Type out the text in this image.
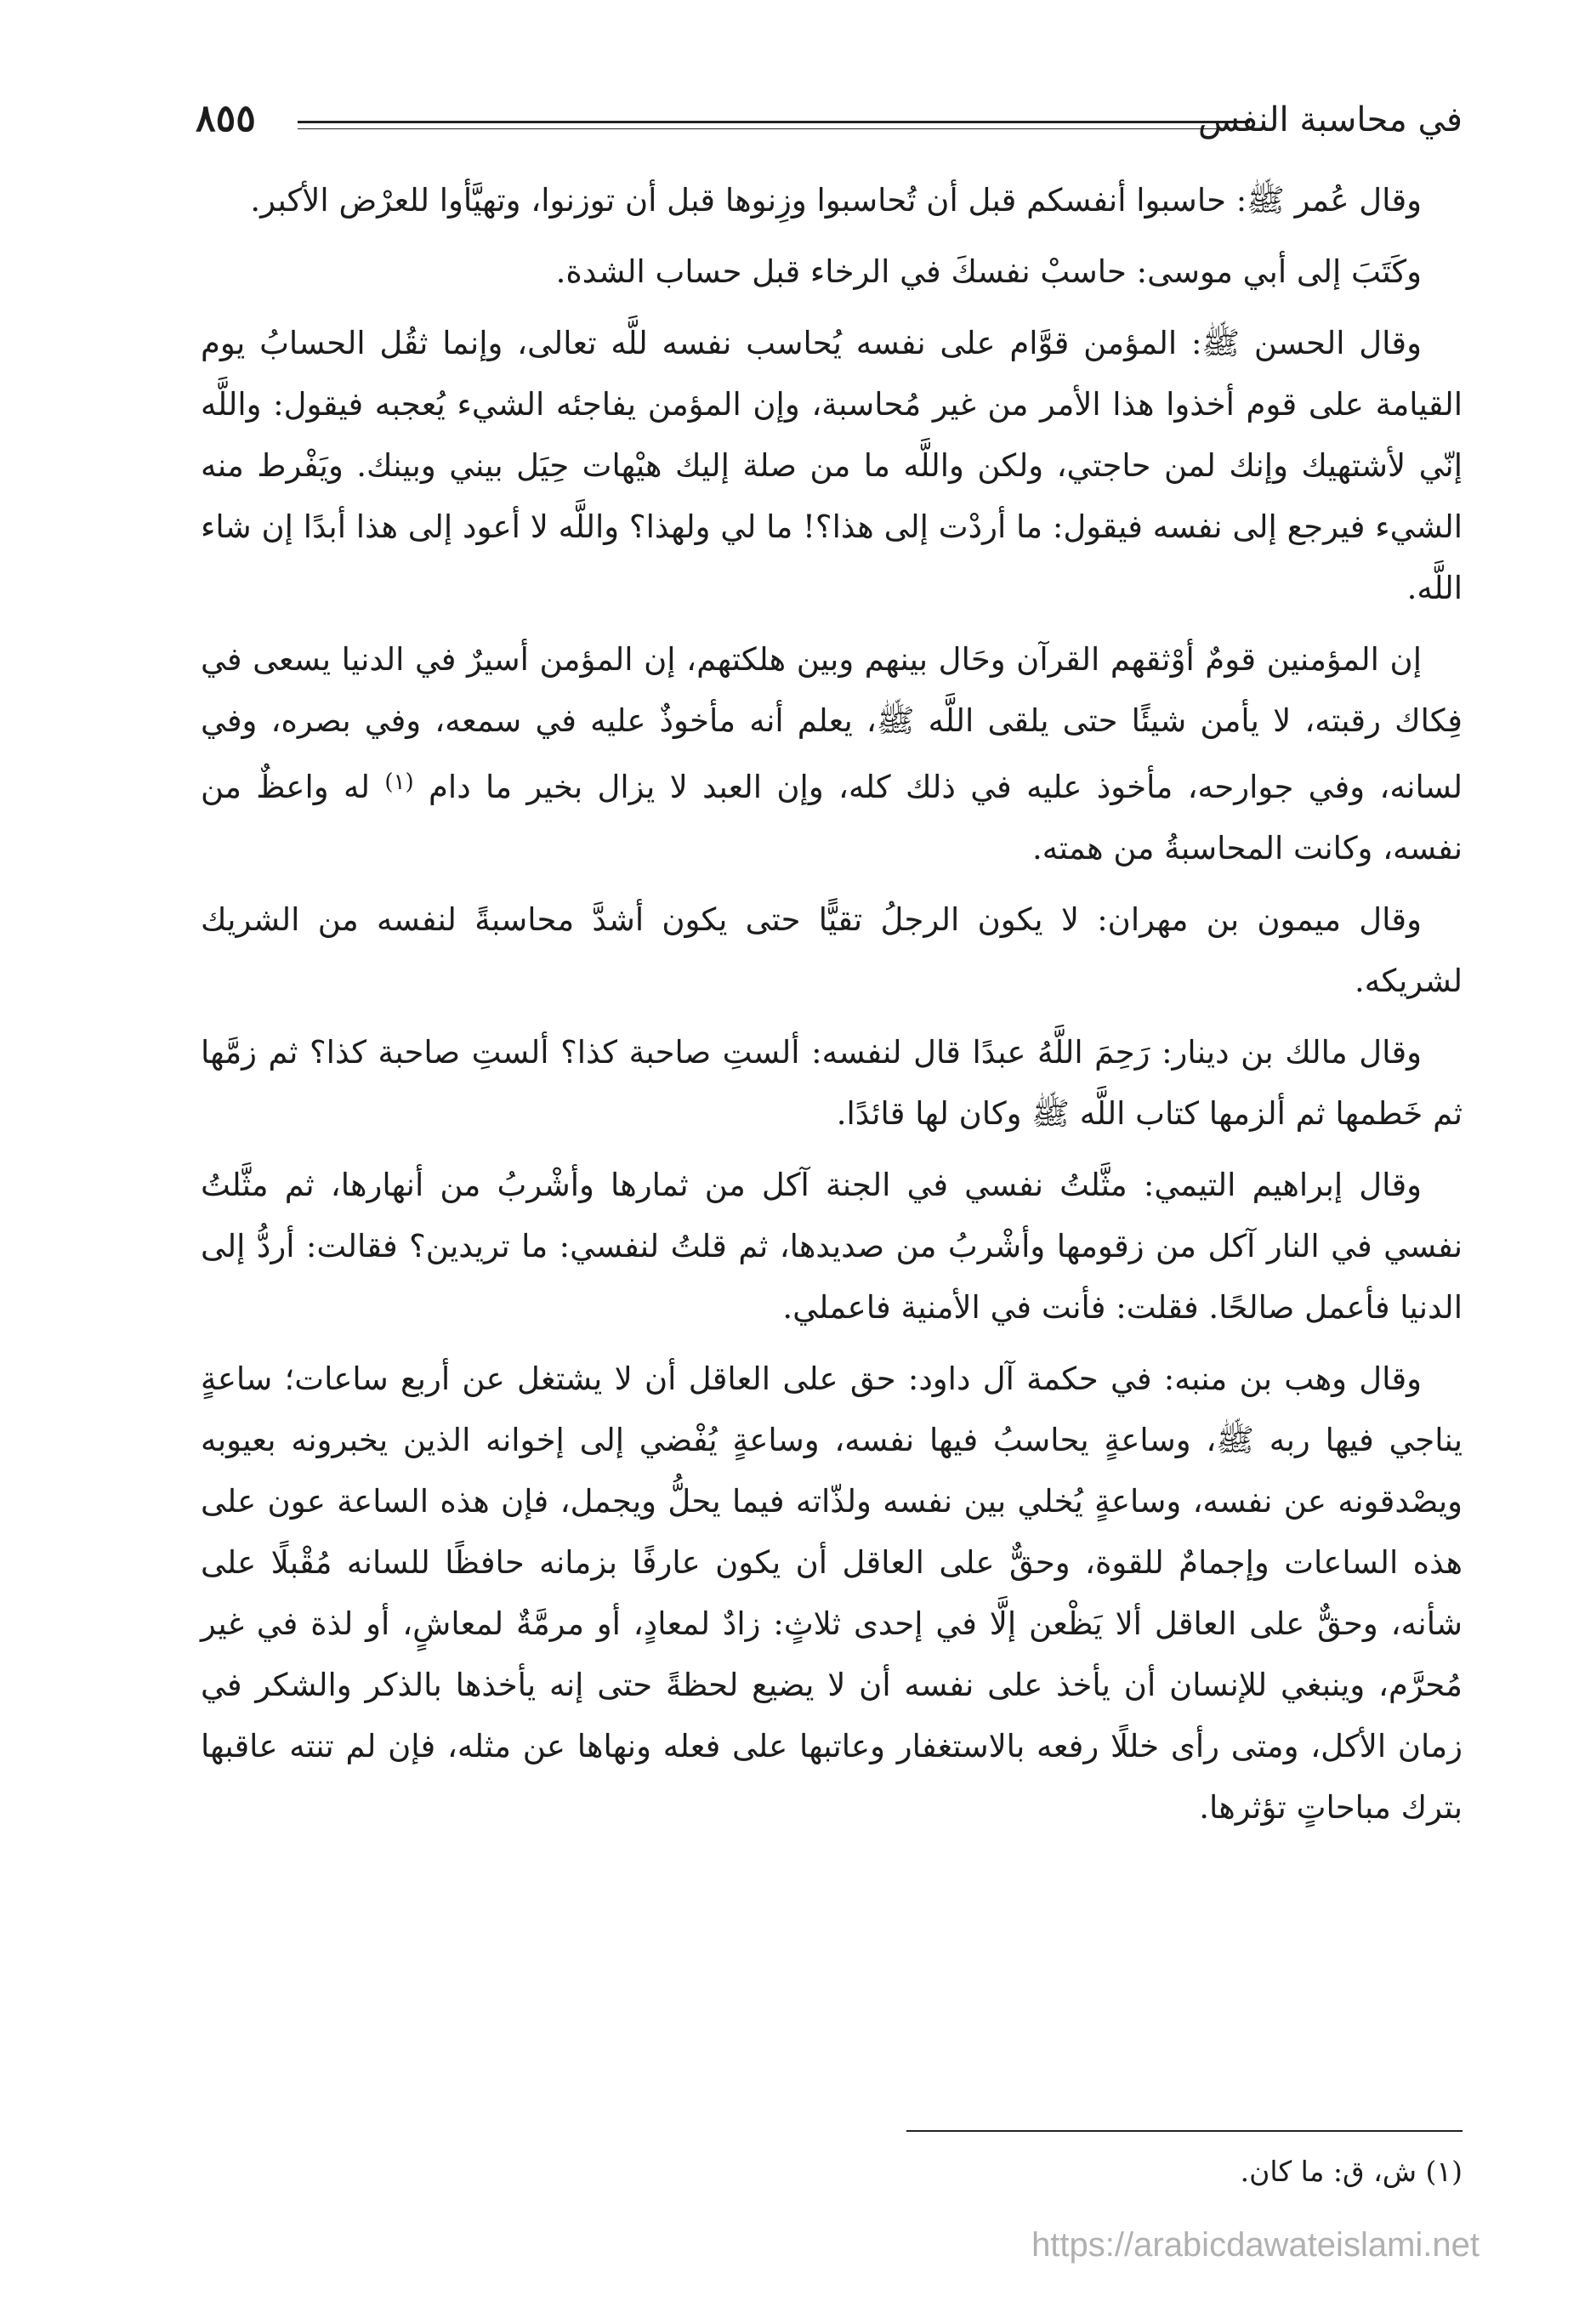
٨٥٥	في محاسبة النفس

وقال عُمر ﷺ: حاسبوا أنفسكم قبل أن تُحاسبوا وزِنوها قبل أن توزنوا، وتهيَّأوا للعرْض الأكبر.

وكَتَبَ إلى أبي موسى: حاسبْ نفسكَ في الرخاء قبل حساب الشدة.

وقال الحسن ﷺ: المؤمن قوَّام على نفسه يُحاسب نفسه للَّه تعالى، وإنما ثقُل الحسابُ يوم القيامة على قوم أخذوا هذا الأمر من غير مُحاسبة، وإن المؤمن يفاجئه الشيء يُعجبه فيقول: واللَّه إنّي لأشتهيك وإنك لمن حاجتي، ولكن واللَّه ما من صلة إليك هيْهات حِيَل بيني وبينك. ويَفْرط منه الشيء فيرجع إلى نفسه فيقول: ما أردْت إلى هذا؟! ما لي ولهذا؟ واللَّه لا أعود إلى هذا أبدًا إن شاء اللَّه.

إن المؤمنين قومٌ أوْثقهم القرآن وحَال بينهم وبين هلكتهم، إن المؤمن أسيرٌ في الدنيا يسعى في فِكاك رقبته، لا يأمن شيئًا حتى يلقى اللَّه ﷺ، يعلم أنه مأخوذٌ عليه في سمعه، وفي بصره، وفي لسانه، وفي جوارحه، مأخوذ عليه في ذلك كله، وإن العبد لا يزال بخير ما دام $^{(١)}$ له واعظٌ من نفسه، وكانت المحاسبةُ من همته.

وقال ميمون بن مهران: لا يكون الرجلُ تقيًّا حتى يكون أشدَّ محاسبةً لنفسه من الشريك لشريكه.

وقال مالك بن دينار: رَحِمَ اللَّهُ عبدًا قال لنفسه: ألستِ صاحبة كذا؟ ألستِ صاحبة كذا؟ ثم زمَّها ثم خَطمها ثم ألزمها كتاب اللَّه ﷺ وكان لها قائدًا.

وقال إبراهيم التيمي: مثَّلتُ نفسي في الجنة آكل من ثمارها وأشْربُ من أنهارها، ثم مثَّلتُ نفسي في النار آكل من زقومها وأشْربُ من صديدها، ثم قلتُ لنفسي: ما تريدين؟ فقالت: أردُّ إلى الدنيا فأعمل صالحًا. فقلت: فأنت في الأمنية فاعملي.

وقال وهب بن منبه: في حكمة آل داود: حق على العاقل أن لا يشتغل عن أربع ساعات؛ ساعةٍ يناجي فيها ربه ﷺ، وساعةٍ يحاسبُ فيها نفسه، وساعةٍ يُفْضي إلى إخوانه الذين يخبرونه بعيوبه ويصْدقونه عن نفسه، وساعةٍ يُخلي بين نفسه ولذّاته فيما يحلُّ ويجمل، فإن هذه الساعة عون على هذه الساعات وإجمامٌ للقوة، وحقٌّ على العاقل أن يكون عارفًا بزمانه حافظًا للسانه مُقْبلًا على شأنه، وحقٌّ على العاقل ألا يَظْعن إلَّا في إحدى ثلاثٍ: زادٌ لمعادٍ، أو مرمَّةٌ لمعاشٍ، أو لذة في غير مُحرَّم، وينبغي للإنسان أن يأخذ على نفسه أن لا يضيع لحظةً حتى إنه يأخذها بالذكر والشكر في زمان الأكل، ومتى رأى خللًا رفعه بالاستغفار وعاتبها على فعله ونهاها عن مثله، فإن لم تنته عاقبها بترك مباحاتٍ تؤثرها.

(١) ش، ق: ما كان.
https://arabicdawateislami.net
